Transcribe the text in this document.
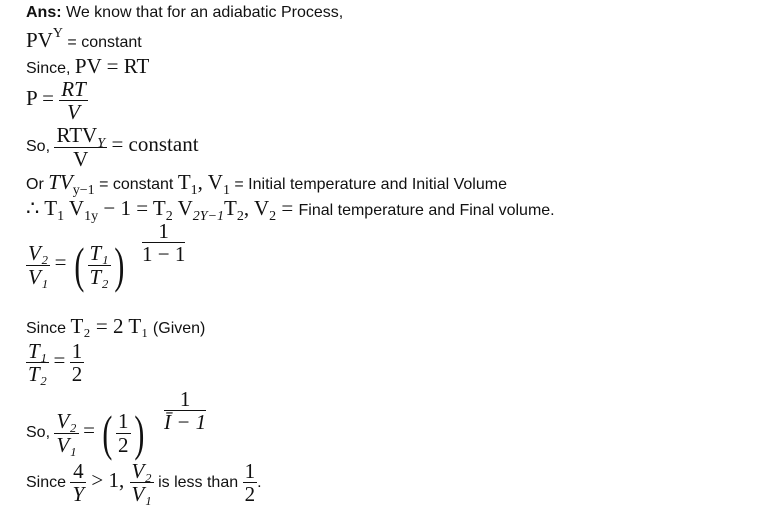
Ans: We know that for an adiabatic Process,
PVY = constant
Since, PV = RT
$P = \frac{RT}{V}$
So, $\frac{RTV_Y}{V}$ = constant
Or TVy−1 = constant T1, V1 = Initial temperature and Initial Volume
∴ T1 V1y − 1 = T2 V2Y−1T2, V2 = Final temperature and Final volume.
$\frac{\text{V₂}}{\text{V₁}}$ = ( $\frac{\text{T₁}}{\text{T₂}}$ ) $\frac{1}{1 - 1}$
Since T₂ = 2 T₁ (Given)
$\frac{\text{T₁}}{\text{T₂}} = \frac{1}{2}$
So, $\frac{\text{V₂}}{\text{V₁}}$ = ( $\frac{1}{2}$ ) $\frac{1}{Ī - 1}$
Since $\frac{4}{Y} > 1$, $\frac{\text{V₂}}{\text{V₁}}$ is less than $\frac{1}{2}$ .
